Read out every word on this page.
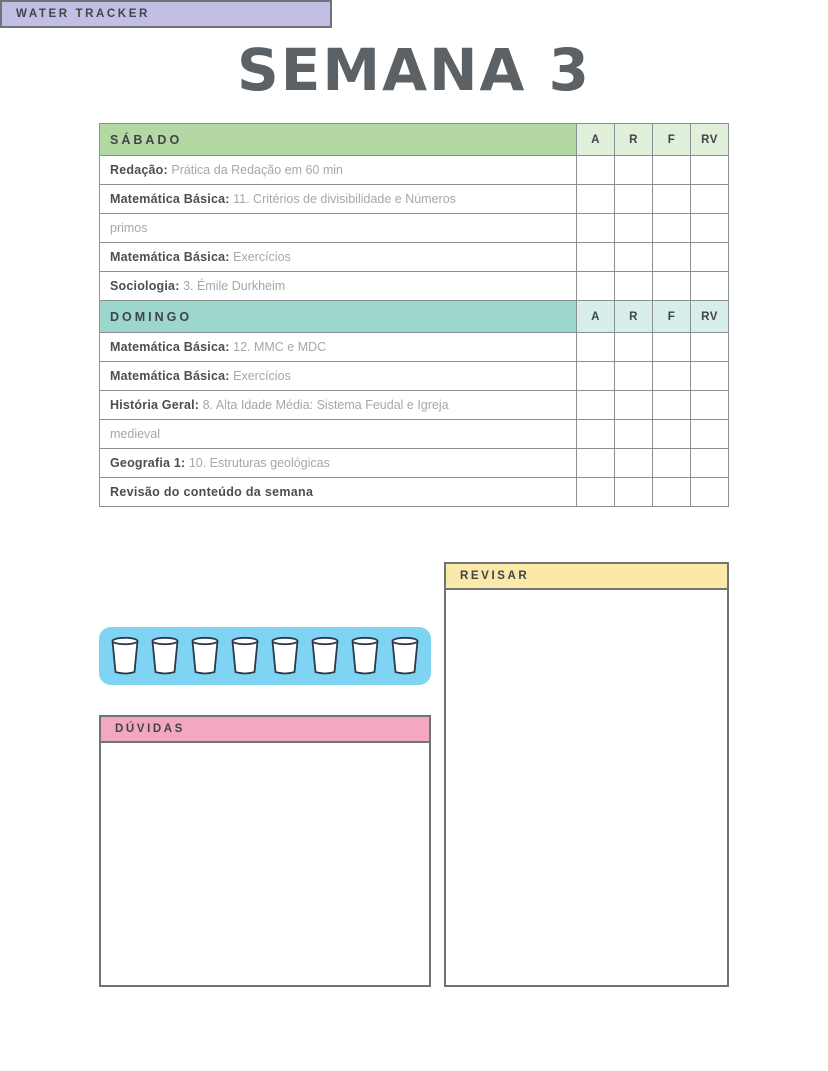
SEMANA 3
SÁBADO	A	R	F	RV
Redação: Prática da Redação em 60 min				
Matemática Básica: 11. Critérios de divisibilidade e Números				
primos				
Matemática Básica: Exercícios				
Sociologia: 3. Émile Durkheim				
DOMINGO	A	R	F	RV
Matemática Básica: 12. MMC e MDC				
Matemática Básica: Exercícios				
História Geral: 8. Alta Idade Média: Sistema Feudal e Igreja				
medieval				
Geografia 1: 10. Estruturas geológicas				
Revisão do conteúdo da semana				
WATER TRACKER
DÚVIDAS
REVISAR
